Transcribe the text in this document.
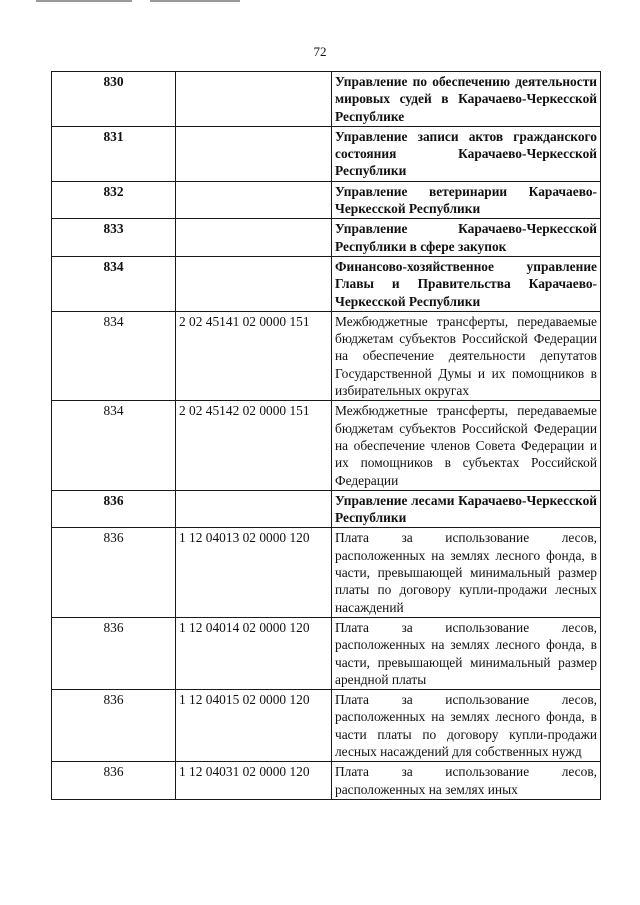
72
830		Управление по обеспечению деятельности мировых судей в Карачаево-Черкесской Республике
831		Управление записи актов гражданского состояния Карачаево-Черкесской Республики
832		Управление ветеринарии Карачаево-Черкесской Республики
833		Управление Карачаево-Черкесской Республики в сфере закупок
834		Финансово-хозяйственное управление Главы и Правительства Карачаево-Черкесской Республики
834	2 02 45141 02 0000 151	Межбюджетные трансферты, передаваемые бюджетам субъектов Российской Федерации на обеспечение деятельности депутатов Государственной Думы и их помощников в избирательных округах
834	2 02 45142 02 0000 151	Межбюджетные трансферты, передаваемые бюджетам субъектов Российской Федерации на обеспечение членов Совета Федерации и их помощников в субъектах Российской Федерации
836		Управление лесами Карачаево-Черкесской Республики
836	1 12 04013 02 0000 120	Плата за использование лесов, расположенных на землях лесного фонда, в части, превышающей минимальный размер платы по договору купли-продажи лесных насаждений
836	1 12 04014 02 0000 120	Плата за использование лесов, расположенных на землях лесного фонда, в части, превышающей минимальный размер арендной платы
836	1 12 04015 02 0000 120	Плата за использование лесов, расположенных на землях лесного фонда, в части платы по договору купли-продажи лесных насаждений для собственных нужд
836	1 12 04031 02 0000 120	Плата за использование лесов, расположенных на землях иных
